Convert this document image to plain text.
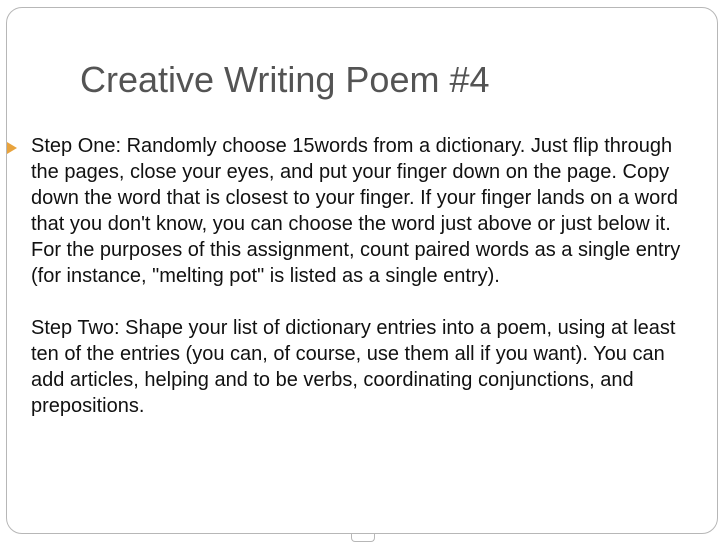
Creative Writing Poem #4

Step One: Randomly choose 15words from a dictionary. Just flip through the pages, close your eyes, and put your finger down on the page. Copy down the word that is closest to your finger. If your finger lands on a word that you don't know, you can choose the word just above or just below it. For the purposes of this assignment, count paired words as a single entry (for instance, "melting pot" is listed as a single entry).

Step Two: Shape your list of dictionary entries into a poem, using at least ten of the entries (you can, of course, use them all if you want). You can add articles, helping and to be verbs, coordinating conjunctions, and prepositions.
